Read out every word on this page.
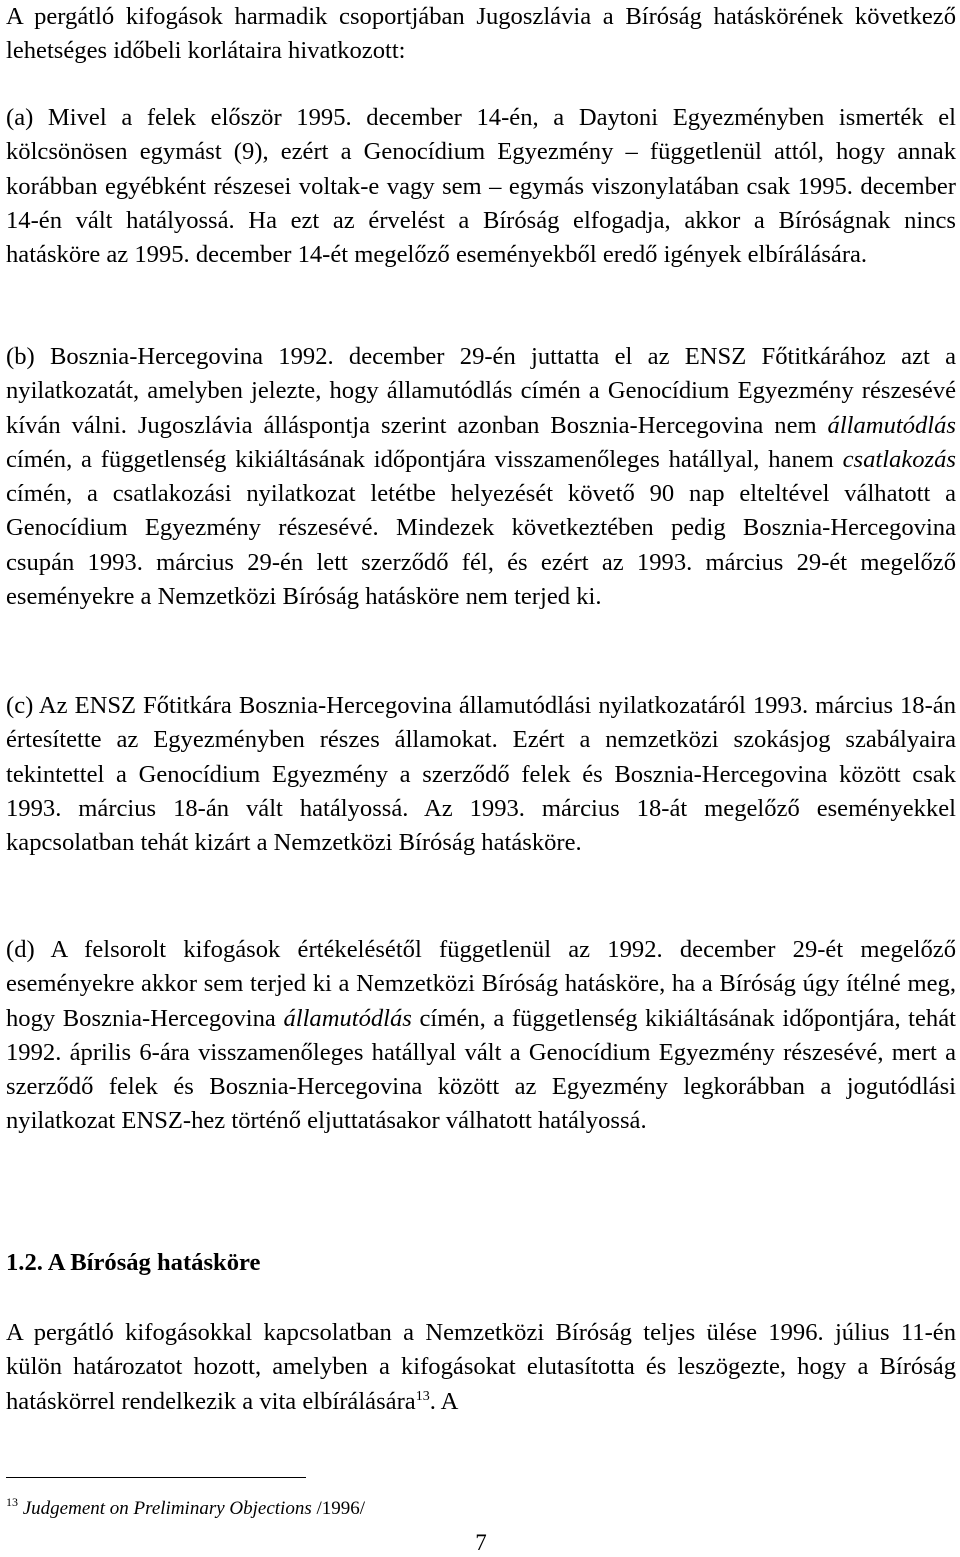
A pergátló kifogások harmadik csoportjában Jugoszlávia a Bíróság hatáskörének következő lehetséges időbeli korlátaira hivatkozott:

(a) Mivel a felek először 1995. december 14-én, a Daytoni Egyezményben ismerték el kölcsönösen egymást (9), ezért a Genocídium Egyezmény – függetlenül attól, hogy annak korábban egyébként részesei voltak-e vagy sem – egymás viszonylatában csak 1995. december 14-én vált hatályossá. Ha ezt az érvelést a Bíróság elfogadja, akkor a Bíróságnak nincs hatásköre az 1995. december 14-ét megelőző eseményekből eredő igények elbírálására.

(b) Bosznia-Hercegovina 1992. december 29-én juttatta el az ENSZ Főtitkárához azt a nyilatkozatát, amelyben jelezte, hogy államutódlás címén a Genocídium Egyezmény részesévé kíván válni. Jugoszlávia álláspontja szerint azonban Bosznia-Hercegovina nem államutódlás címén, a függetlenség kikiáltásának időpontjára visszamenőleges hatállyal, hanem csatlakozás címén, a csatlakozási nyilatkozat letétbe helyezését követő 90 nap elteltével válhatott a Genocídium Egyezmény részesévé. Mindezek következtében pedig Bosznia-Hercegovina csupán 1993. március 29-én lett szerződő fél, és ezért az 1993. március 29-ét megelőző eseményekre a Nemzetközi Bíróság hatásköre nem terjed ki.

(c) Az ENSZ Főtitkára Bosznia-Hercegovina államutódlási nyilatkozatáról 1993. március 18-án értesítette az Egyezményben részes államokat. Ezért a nemzetközi szokásjog szabályaira tekintettel a Genocídium Egyezmény a szerződő felek és Bosznia-Hercegovina között csak 1993. március 18-án vált hatályossá. Az 1993. március 18-át megelőző eseményekkel kapcsolatban tehát kizárt a Nemzetközi Bíróság hatásköre.

(d) A felsorolt kifogások értékelésétől függetlenül az 1992. december 29-ét megelőző eseményekre akkor sem terjed ki a Nemzetközi Bíróság hatásköre, ha a Bíróság úgy ítélné meg, hogy Bosznia-Hercegovina államutódlás címén, a függetlenség kikiáltásának időpontjára, tehát 1992. április 6-ára visszamenőleges hatállyal vált a Genocídium Egyezmény részesévé, mert a szerződő felek és Bosznia-Hercegovina között az Egyezmény legkorábban a jogutódlási nyilatkozat ENSZ-hez történő eljuttatásakor válhatott hatályossá.

1.2. A Bíróság hatásköre

A pergátló kifogásokkal kapcsolatban a Nemzetközi Bíróság teljes ülése 1996. július 11-én külön határozatot hozott, amelyben a kifogásokat elutasította és leszögezte, hogy a Bíróság hatáskörrel rendelkezik a vita elbírálására$^{13}$. A

$^{13}$ Judgement on Preliminary Objections /1996/
7
